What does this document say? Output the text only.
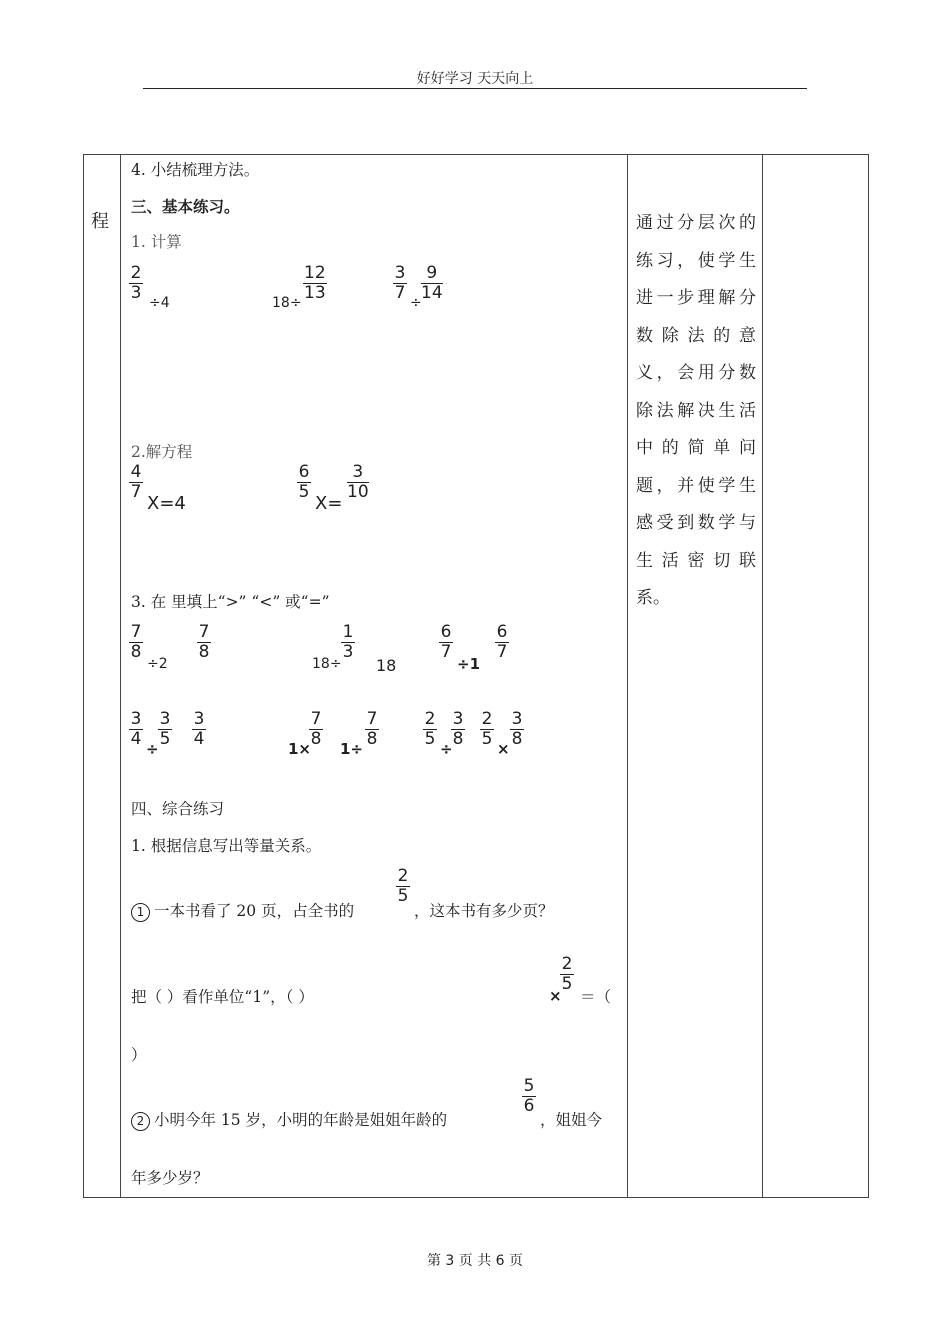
好好学习 天天向上
程
4. 小结梳理方法。
三、基本练习。
1. 计算
2
3 ÷4	18÷
12
13
3
7 ÷
9
14
2.解方程
4
7
X=4
6
5
X=
3
10
3. 在 里填上“>” “<” 或“=”
7
8
÷2
7
8
18÷
1
3
18
6
7
÷1
6
7
3
4 ÷
3
5
3
4	1×
7
8 1÷
7
8
2
5 ÷
3
8
2
5 ×
3
8
四、综合练习
1. 根据信息写出等量关系。
1 一本书看了 20 页，占全书的
2
5
，这本书有多少页？
把（ ）看作单位“1”，（ ）	×
2
5
＝（
）
2 小明今年 15 岁，小明的年龄是姐姐年龄的
5
6
，姐姐今
年多少岁？
通过分层次的
练习，使学生
进一步理解分
数除法的意
义，会用分数
除法解决生活
中的简单问
题，并使学生
感受到数学与
生活密切联
系。
第 3 页 共 6 页
